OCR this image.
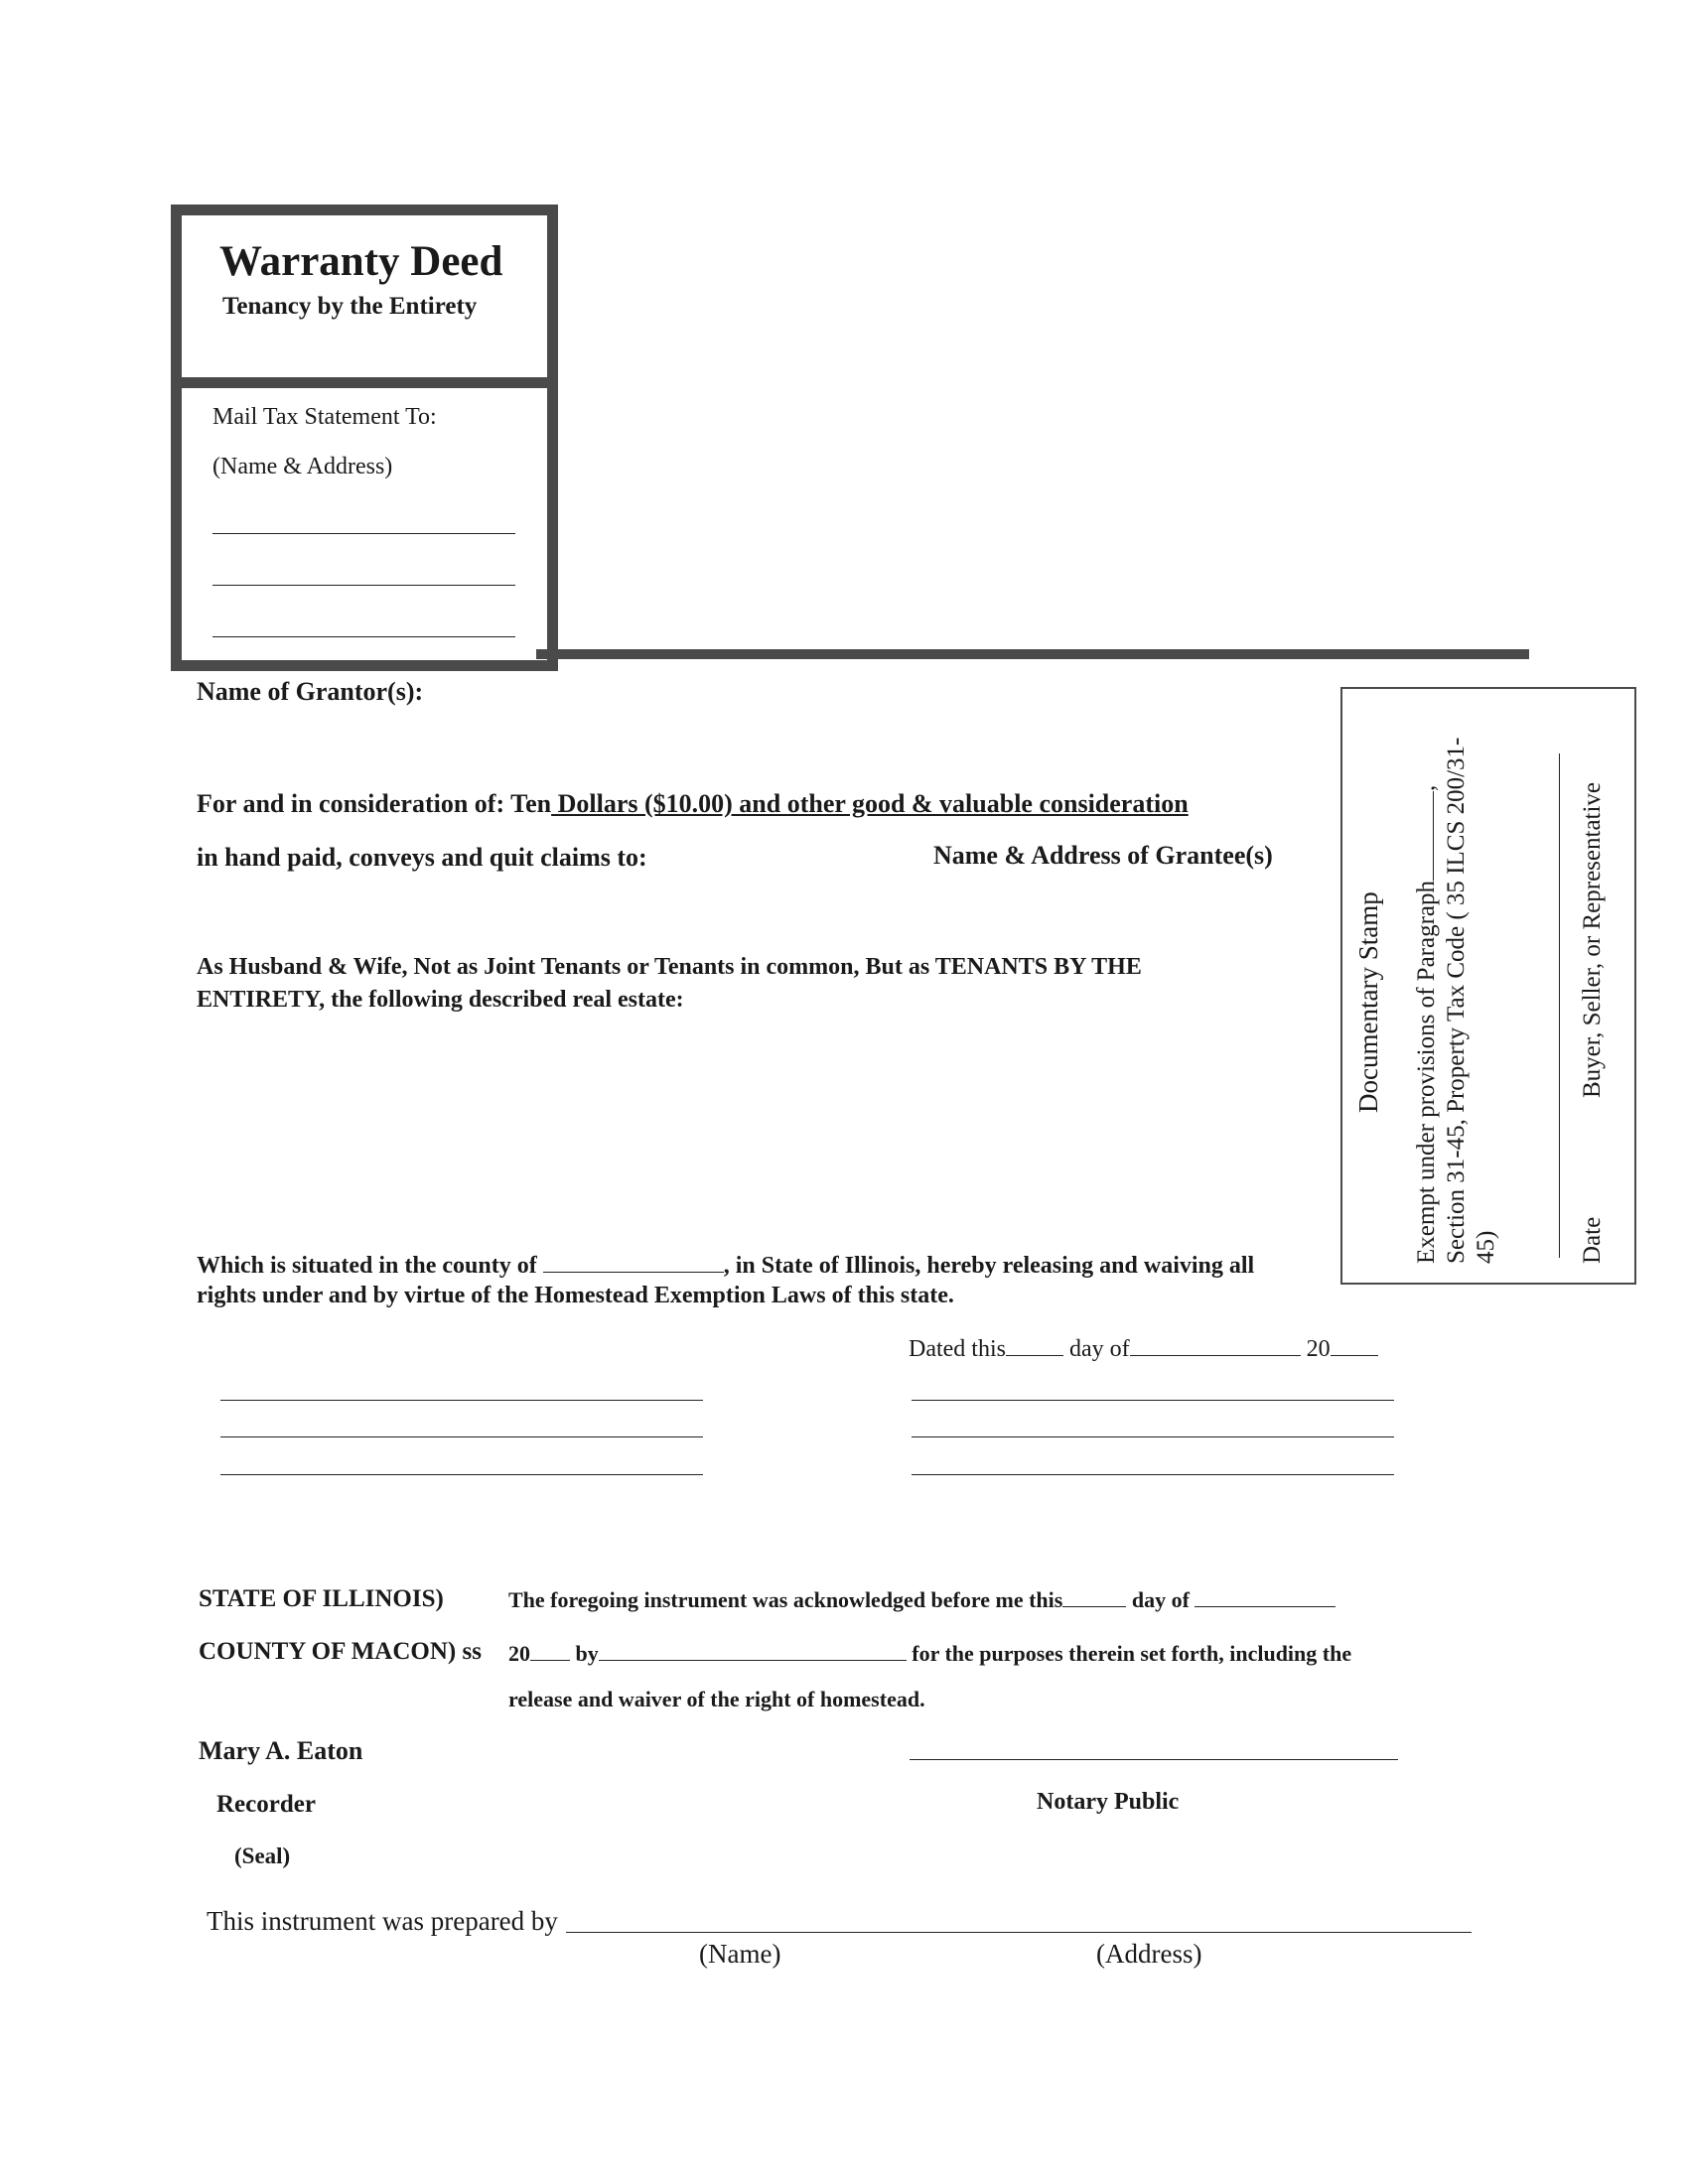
Warranty Deed
Tenancy by the Entirety
Mail Tax Statement To:
(Name & Address)
Name of Grantor(s):
For and in consideration of: Ten Dollars ($10.00) and other good & valuable consideration
in hand paid, conveys and quit claims to:	Name & Address of Grantee(s)
As Husband & Wife, Not as Joint Tenants or Tenants in common, But as TENANTS BY THE
ENTIRETY, the following described real estate:
Which is situated in the county of	, in State of Illinois, hereby releasing and waiving all
rights under and by virtue of the Homestead Exemption Laws of this state.
Documentary Stamp Exempt under provisions of Paragraph, Section 31-45, Property Tax Code ( 35 ILCS 200/31- 45)	Date
Buyer, Seller, or Representative
Dated this	day of	20
STATE OF ILLINOIS)
COUNTY OF MACON) ss
The foregoing instrument was acknowledged before me this	day of
20 by	for the purposes therein set forth, including the
release and waiver of the right of homestead.
Mary A. Eaton
Recorder
(Seal)
Notary Public
This instrument was prepared by
(Name)	(Address)
